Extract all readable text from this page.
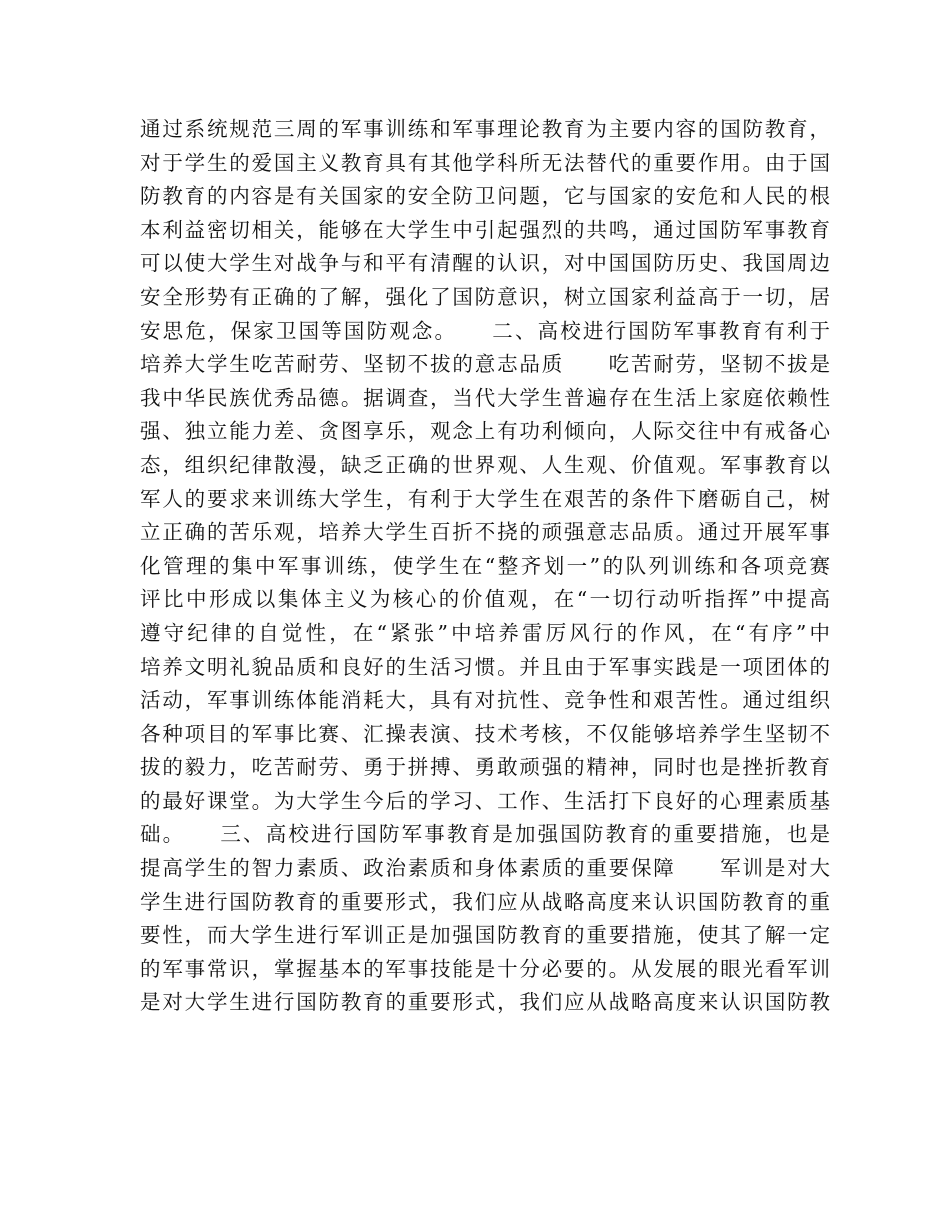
通过系统规范三周的军事训练和军事理论教育为主要内容的国防教育，
对于学生的爱国主义教育具有其他学科所无法替代的重要作用。由于国
防教育的内容是有关国家的安全防卫问题，它与国家的安危和人民的根
本利益密切相关，能够在大学生中引起强烈的共鸣，通过国防军事教育
可以使大学生对战争与和平有清醒的认识，对中国国防历史、我国周边
安全形势有正确的了解，强化了国防意识，树立国家利益高于一切，居
安思危，保家卫国等国防观念。　　二、高校进行国防军事教育有利于
培养大学生吃苦耐劳、坚韧不拔的意志品质　　吃苦耐劳，坚韧不拔是
我中华民族优秀品德。据调查，当代大学生普遍存在生活上家庭依赖性
强、独立能力差、贪图享乐，观念上有功利倾向，人际交往中有戒备心
态，组织纪律散漫，缺乏正确的世界观、人生观、价值观。军事教育以
军人的要求来训练大学生，有利于大学生在艰苦的条件下磨砺自己，树
立正确的苦乐观，培养大学生百折不挠的顽强意志品质。通过开展军事
化管理的集中军事训练，使学生在“整齐划一”的队列训练和各项竞赛
评比中形成以集体主义为核心的价值观，在“一切行动听指挥”中提高
遵守纪律的自觉性，在“紧张”中培养雷厉风行的作风，在“有序”中
培养文明礼貌品质和良好的生活习惯。并且由于军事实践是一项团体的
活动，军事训练体能消耗大，具有对抗性、竞争性和艰苦性。通过组织
各种项目的军事比赛、汇操表演、技术考核，不仅能够培养学生坚韧不
拔的毅力，吃苦耐劳、勇于拼搏、勇敢顽强的精神，同时也是挫折教育
的最好课堂。为大学生今后的学习、工作、生活打下良好的心理素质基
础。　　三、高校进行国防军事教育是加强国防教育的重要措施，也是
提高学生的智力素质、政治素质和身体素质的重要保障　　军训是对大
学生进行国防教育的重要形式，我们应从战略高度来认识国防教育的重
要性，而大学生进行军训正是加强国防教育的重要措施，使其了解一定
的军事常识，掌握基本的军事技能是十分必要的。从发展的眼光看军训
是对大学生进行国防教育的重要形式，我们应从战略高度来认识国防教
